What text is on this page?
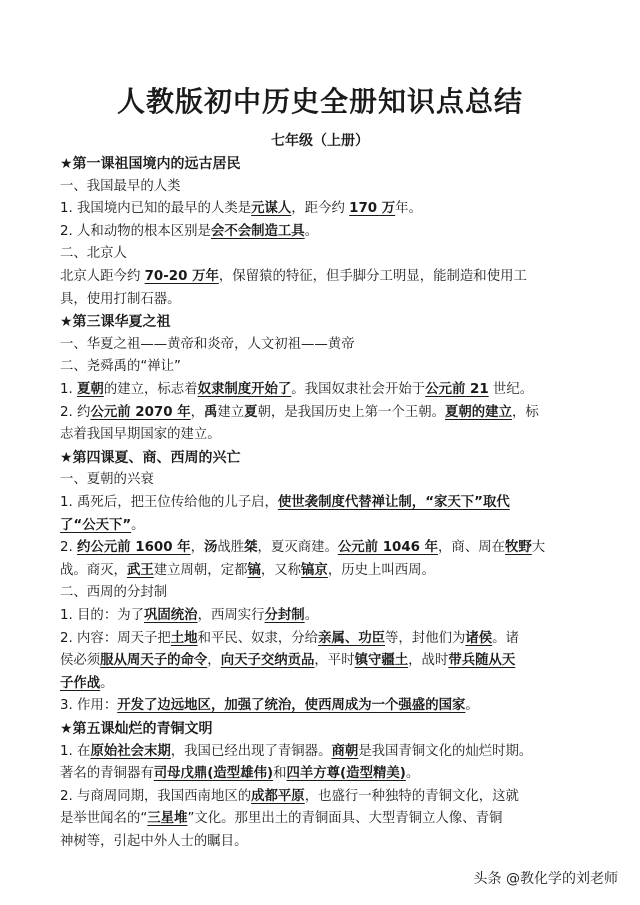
人教版初中历史全册知识点总结
七年级（上册）
★第一课祖国境内的远古居民
一、我国最早的人类
1. 我国境内已知的最早的人类是元谋人，距今约 170 万年。
2. 人和动物的根本区别是会不会制造工具。
二、北京人
北京人距今约 70-20 万年，保留猿的特征，但手脚分工明显，能制造和使用工
具，使用打制石器。
★第三课华夏之祖
一、华夏之祖——黄帝和炎帝，人文初祖——黄帝
二、尧舜禹的“禅让”
1. 夏朝的建立，标志着奴隶制度开始了。我国奴隶社会开始于公元前 21 世纪。
2. 约公元前 2070 年，禹建立夏朝，是我国历史上第一个王朝。夏朝的建立，标
志着我国早期国家的建立。
★第四课夏、商、西周的兴亡
一、夏朝的兴衰
1. 禹死后，把王位传给他的儿子启，使世袭制度代替禅让制，“家天下”取代
了“公天下”。
2. 约公元前 1600 年，汤战胜桀，夏灭商建。公元前 1046 年，商、周在牧野大
战。商灭，武王建立周朝，定都镐，又称镐京，历史上叫西周。
二、西周的分封制
1. 目的：为了巩固统治，西周实行分封制。
2. 内容：周天子把土地和平民、奴隶，分给亲属、功臣等，封他们为诸侯。诸
侯必须服从周天子的命令，向天子交纳贡品，平时镇守疆土，战时带兵随从天
子作战。
3. 作用：开发了边远地区，加强了统治，使西周成为一个强盛的国家。
★第五课灿烂的青铜文明
1. 在原始社会末期，我国已经出现了青铜器。商朝是我国青铜文化的灿烂时期。
著名的青铜器有司母戊鼎(造型雄伟)和四羊方尊(造型精美)。
2. 与商周同期，我国西南地区的成都平原，也盛行一种独特的青铜文化，这就
是举世闻名的“三星堆”文化。那里出土的青铜面具、大型青铜立人像、青铜
神树等，引起中外人士的瞩目。
头条 @教化学的刘老师
